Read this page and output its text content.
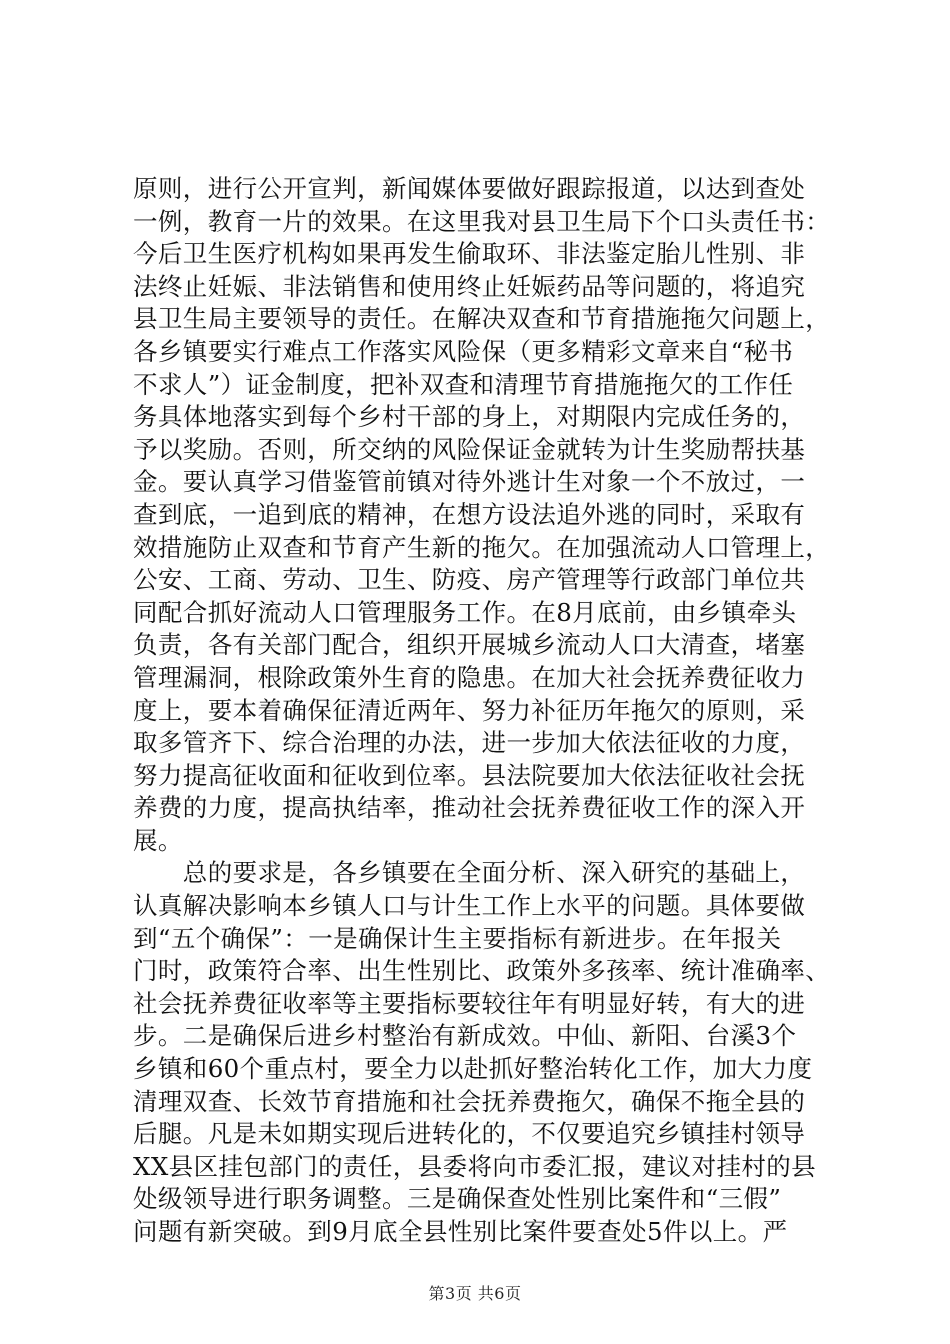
原则，进行公开宣判，新闻媒体要做好跟踪报道，以达到查处
一例，教育一片的效果。在这里我对县卫生局下个口头责任书：
今后卫生医疗机构如果再发生偷取环、非法鉴定胎儿性别、非
法终止妊娠、非法销售和使用终止妊娠药品等问题的，将追究
县卫生局主要领导的责任。在解决双查和节育措施拖欠问题上，
各乡镇要实行难点工作落实风险保（更多精彩文章来自“秘书
不求人”）证金制度，把补双查和清理节育措施拖欠的工作任
务具体地落实到每个乡村干部的身上，对期限内完成任务的，
予以奖励。否则，所交纳的风险保证金就转为计生奖励帮扶基
金。要认真学习借鉴管前镇对待外逃计生对象一个不放过，一
查到底，一追到底的精神，在想方设法追外逃的同时，采取有
效措施防止双查和节育产生新的拖欠。在加强流动人口管理上，
公安、工商、劳动、卫生、防疫、房产管理等行政部门单位共
同配合抓好流动人口管理服务工作。在8月底前，由乡镇牵头
负责，各有关部门配合，组织开展城乡流动人口大清查，堵塞
管理漏洞，根除政策外生育的隐患。在加大社会抚养费征收力
度上，要本着确保征清近两年、努力补征历年拖欠的原则，采
取多管齐下、综合治理的办法，进一步加大依法征收的力度，
努力提高征收面和征收到位率。县法院要加大依法征收社会抚
养费的力度，提高执结率，推动社会抚养费征收工作的深入开
展。
　　总的要求是，各乡镇要在全面分析、深入研究的基础上，
认真解决影响本乡镇人口与计生工作上水平的问题。具体要做
到“五个确保”：一是确保计生主要指标有新进步。在年报关
门时，政策符合率、出生性别比、政策外多孩率、统计准确率、
社会抚养费征收率等主要指标要较往年有明显好转，有大的进
步。二是确保后进乡村整治有新成效。中仙、新阳、台溪3个
乡镇和60个重点村，要全力以赴抓好整治转化工作，加大力度
清理双查、长效节育措施和社会抚养费拖欠，确保不拖全县的
后腿。凡是未如期实现后进转化的，不仅要追究乡镇挂村领导
XX县区挂包部门的责任，县委将向市委汇报，建议对挂村的县
处级领导进行职务调整。三是确保查处性别比案件和“三假”
问题有新突破。到9月底全县性别比案件要查处5件以上。严
第3页 共6页
